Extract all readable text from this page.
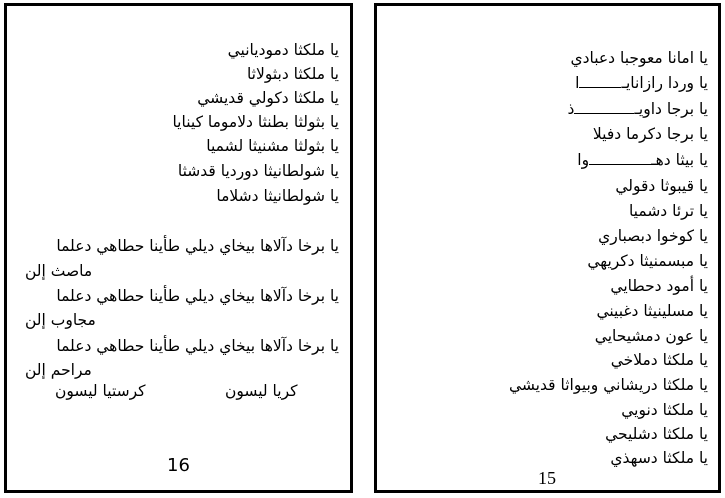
يا ملكثا دموديانيي
يا ملكثا دبثولاثا
يا ملكثا دكولي قديشي
يا بثولثا بطنثا دلاموما كينايا
يا بثولثا مشنيثا لشميا
يا شولطانيثا دورديا قدشثا
يا شولطانيثا دشلاما
يا برخا دآلاها بيخاي ديلي طأينا حطاهي دعلما
ماصث إلن
يا برخا دآلاها بيخاي ديلي طأينا حطاهي دعلما
مجاوب إلن
يا برخا دآلاها بيخاي ديلي طأينا حطاهي دعلما
مراحم إلن
كريا ليسون
كرستيا ليسون
16
يا امانا معوجبا دعبادي
يا وردا رازانايـا
يا برجا داويـذ
يا برجا دكرما دفيلا
يا بيثا دهـوا
يا قيبوثا دقولي
يا ترئا دشميا
يا كوخوا دبصباري
يا مبسمنيثا دكريهي
يا أمود دحطايي
يا مسلينيثا دغبيني
يا عون دمشيحايي
يا ملكثا دملاخي
يا ملكثا دريشاني وبيواثا قديشي
يا ملكثا دنويي
يا ملكثا دشليحي
يا ملكثا دسهذي
15
